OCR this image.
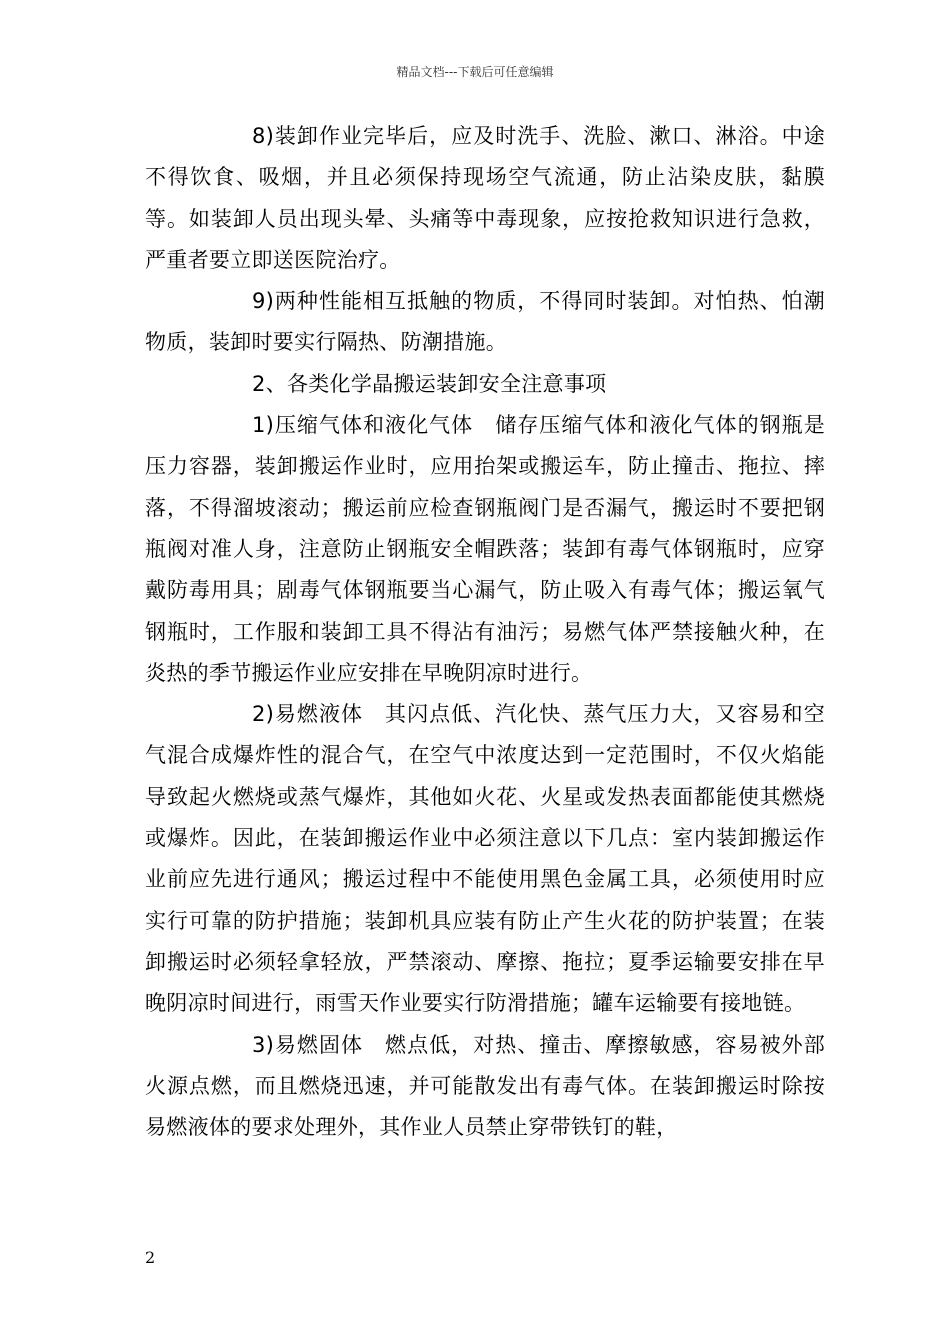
精品文档---下载后可任意编辑

8)装卸作业完毕后，应及时洗手、洗脸、漱口、淋浴。中途不得饮食、吸烟，并且必须保持现场空气流通，防止沾染皮肤，黏膜等。如装卸人员出现头晕、头痛等中毒现象，应按抢救知识进行急救，严重者要立即送医院治疗。

9)两种性能相互抵触的物质，不得同时装卸。对怕热、怕潮物质，装卸时要实行隔热、防潮措施。

2、各类化学晶搬运装卸安全注意事项

1)压缩气体和液化气体　储存压缩气体和液化气体的钢瓶是压力容器，装卸搬运作业时，应用抬架或搬运车，防止撞击、拖拉、摔落，不得溜坡滚动；搬运前应检查钢瓶阀门是否漏气，搬运时不要把钢瓶阀对准人身，注意防止钢瓶安全帽跌落；装卸有毒气体钢瓶时，应穿戴防毒用具；剧毒气体钢瓶要当心漏气，防止吸入有毒气体；搬运氧气钢瓶时，工作服和装卸工具不得沾有油污；易燃气体严禁接触火种，在炎热的季节搬运作业应安排在早晚阴凉时进行。

2)易燃液体　其闪点低、汽化快、蒸气压力大，又容易和空气混合成爆炸性的混合气，在空气中浓度达到一定范围时，不仅火焰能导致起火燃烧或蒸气爆炸，其他如火花、火星或发热表面都能使其燃烧或爆炸。因此，在装卸搬运作业中必须注意以下几点：室内装卸搬运作业前应先进行通风；搬运过程中不能使用黑色金属工具，必须使用时应实行可靠的防护措施；装卸机具应装有防止产生火花的防护装置；在装卸搬运时必须轻拿轻放，严禁滚动、摩擦、拖拉；夏季运输要安排在早晚阴凉时间进行，雨雪天作业要实行防滑措施；罐车运输要有接地链。

3)易燃固体　燃点低，对热、撞击、摩擦敏感，容易被外部火源点燃，而且燃烧迅速，并可能散发出有毒气体。在装卸搬运时除按易燃液体的要求处理外，其作业人员禁止穿带铁钉的鞋，

2
